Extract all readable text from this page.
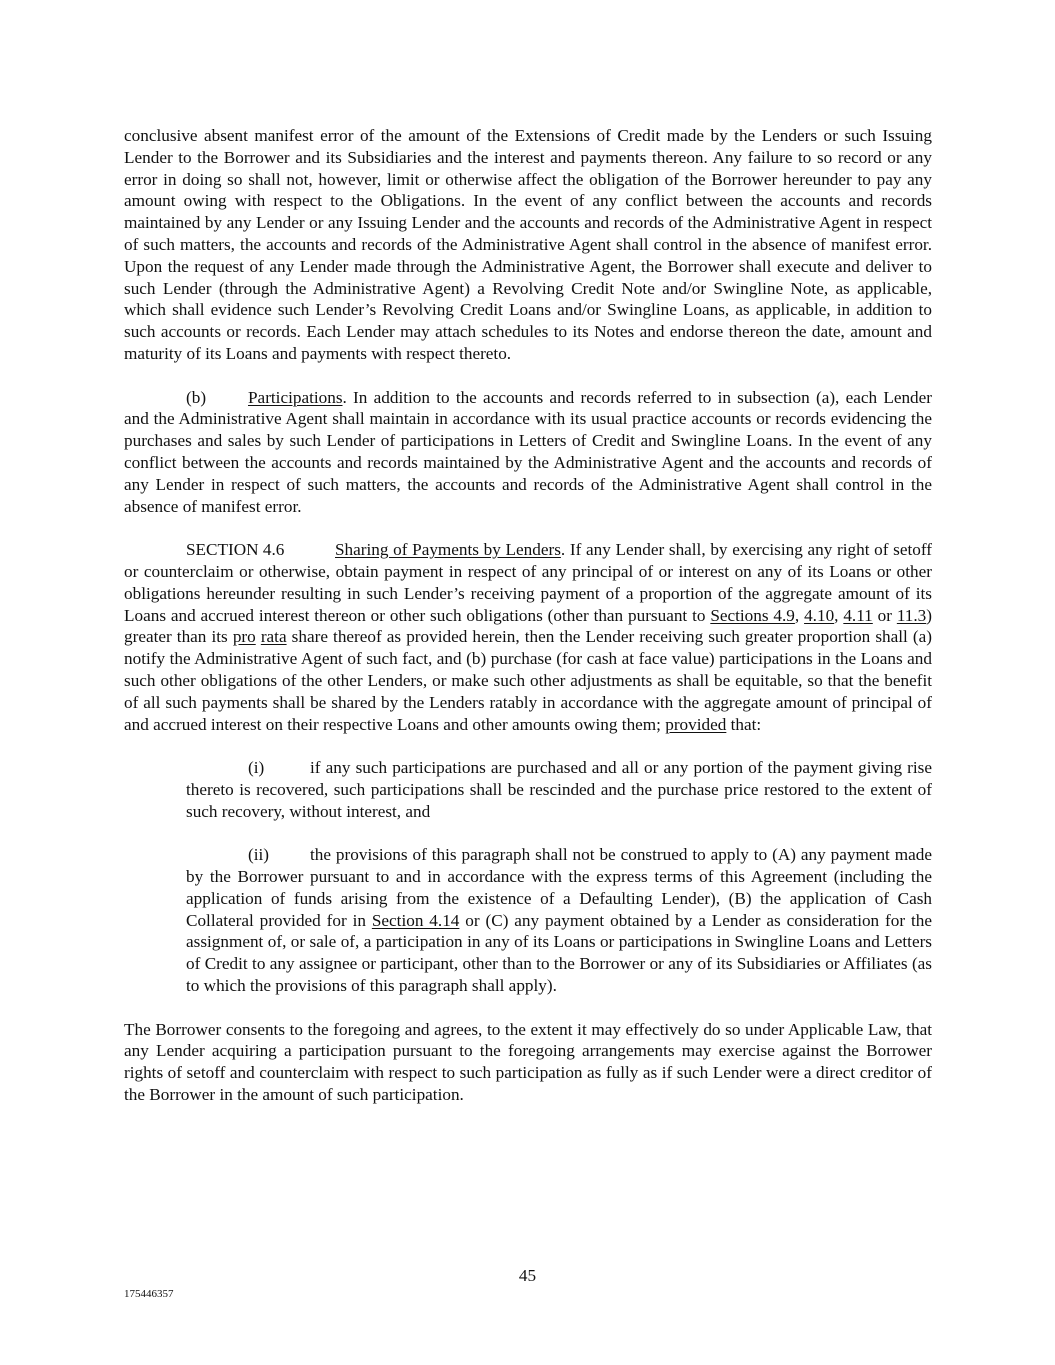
conclusive absent manifest error of the amount of the Extensions of Credit made by the Lenders or such Issuing Lender to the Borrower and its Subsidiaries and the interest and payments thereon. Any failure to so record or any error in doing so shall not, however, limit or otherwise affect the obligation of the Borrower hereunder to pay any amount owing with respect to the Obligations. In the event of any conflict between the accounts and records maintained by any Lender or any Issuing Lender and the accounts and records of the Administrative Agent in respect of such matters, the accounts and records of the Administrative Agent shall control in the absence of manifest error. Upon the request of any Lender made through the Administrative Agent, the Borrower shall execute and deliver to such Lender (through the Administrative Agent) a Revolving Credit Note and/or Swingline Note, as applicable, which shall evidence such Lender’s Revolving Credit Loans and/or Swingline Loans, as applicable, in addition to such accounts or records. Each Lender may attach schedules to its Notes and endorse thereon the date, amount and maturity of its Loans and payments with respect thereto.

(b) Participations. In addition to the accounts and records referred to in subsection (a), each Lender and the Administrative Agent shall maintain in accordance with its usual practice accounts or records evidencing the purchases and sales by such Lender of participations in Letters of Credit and Swingline Loans. In the event of any conflict between the accounts and records maintained by the Administrative Agent and the accounts and records of any Lender in respect of such matters, the accounts and records of the Administrative Agent shall control in the absence of manifest error.

SECTION 4.6	Sharing of Payments by Lenders. If any Lender shall, by exercising any right of setoff or counterclaim or otherwise, obtain payment in respect of any principal of or interest on any of its Loans or other obligations hereunder resulting in such Lender’s receiving payment of a proportion of the aggregate amount of its Loans and accrued interest thereon or other such obligations (other than pursuant to Sections 4.9, 4.10, 4.11 or 11.3) greater than its pro rata share thereof as provided herein, then the Lender receiving such greater proportion shall (a) notify the Administrative Agent of such fact, and (b) purchase (for cash at face value) participations in the Loans and such other obligations of the other Lenders, or make such other adjustments as shall be equitable, so that the benefit of all such payments shall be shared by the Lenders ratably in accordance with the aggregate amount of principal of and accrued interest on their respective Loans and other amounts owing them; provided that:

(i)	if any such participations are purchased and all or any portion of the payment giving rise thereto is recovered, such participations shall be rescinded and the purchase price restored to the extent of such recovery, without interest, and

(ii) the provisions of this paragraph shall not be construed to apply to (A) any payment made by the Borrower pursuant to and in accordance with the express terms of this Agreement (including the application of funds arising from the existence of a Defaulting Lender), (B) the application of Cash Collateral provided for in Section 4.14 or (C) any payment obtained by a Lender as consideration for the assignment of, or sale of, a participation in any of its Loans or participations in Swingline Loans and Letters of Credit to any assignee or participant, other than to the Borrower or any of its Subsidiaries or Affiliates (as to which the provisions of this paragraph shall apply).

The Borrower consents to the foregoing and agrees, to the extent it may effectively do so under Applicable Law, that any Lender acquiring a participation pursuant to the foregoing arrangements may exercise against the Borrower rights of setoff and counterclaim with respect to such participation as fully as if such Lender were a direct creditor of the Borrower in the amount of such participation.

45
175446357
